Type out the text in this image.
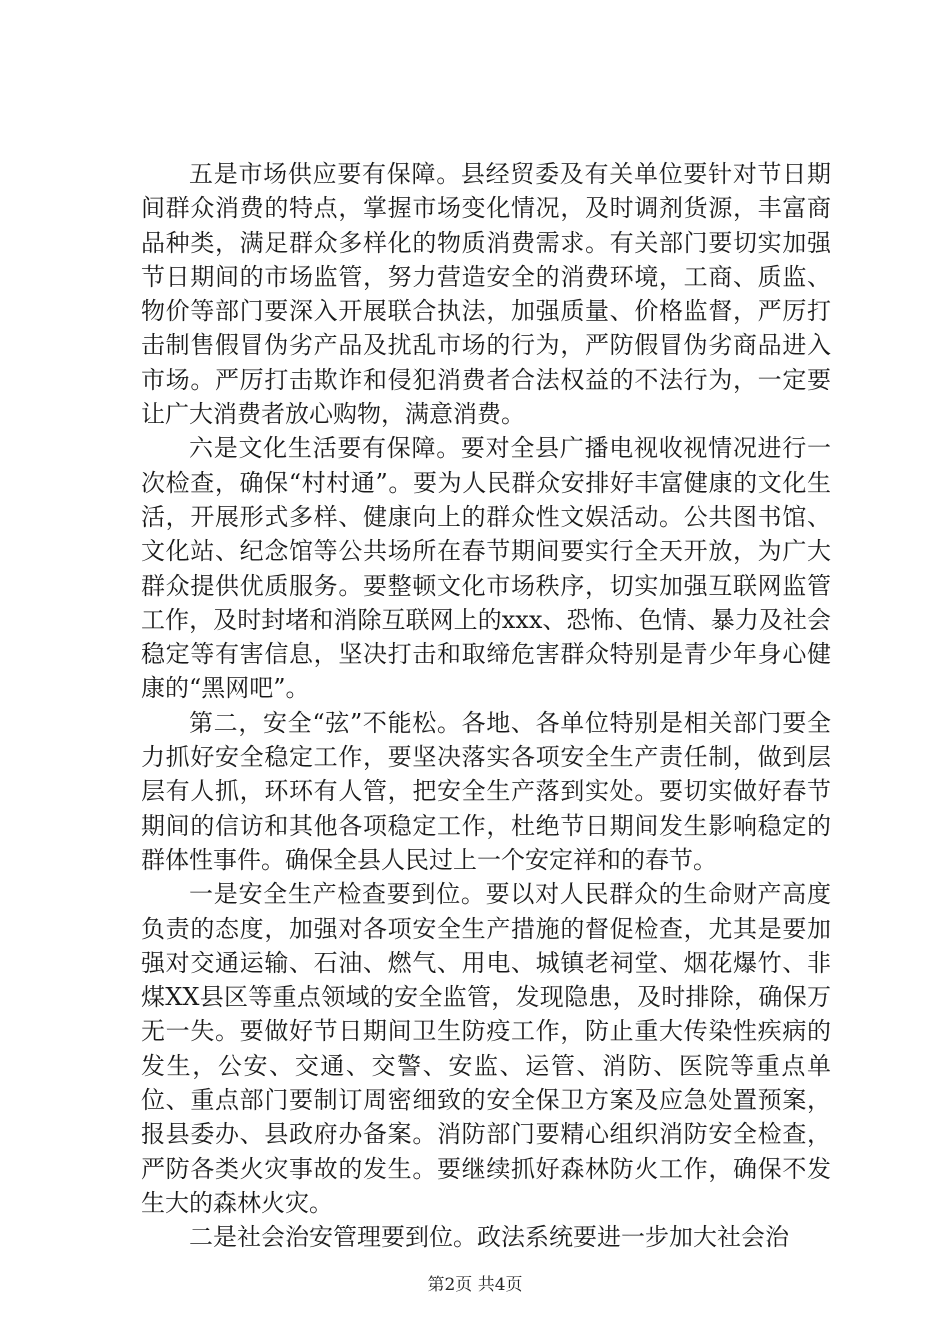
五是市场供应要有保障。县经贸委及有关单位要针对节日期间群众消费的特点，掌握市场变化情况，及时调剂货源，丰富商品种类，满足群众多样化的物质消费需求。有关部门要切实加强节日期间的市场监管，努力营造安全的消费环境，工商、质监、物价等部门要深入开展联合执法，加强质量、价格监督，严厉打击制售假冒伪劣产品及扰乱市场的行为，严防假冒伪劣商品进入市场。严厉打击欺诈和侵犯消费者合法权益的不法行为，一定要让广大消费者放心购物，满意消费。

六是文化生活要有保障。要对全县广播电视收视情况进行一次检查，确保“村村通”。要为人民群众安排好丰富健康的文化生活，开展形式多样、健康向上的群众性文娱活动。公共图书馆、文化站、纪念馆等公共场所在春节期间要实行全天开放，为广大群众提供优质服务。要整顿文化市场秩序，切实加强互联网监管工作，及时封堵和消除互联网上的xxx、恐怖、色情、暴力及社会稳定等有害信息，坚决打击和取缔危害群众特别是青少年身心健康的“黑网吧”。

第二，安全“弦”不能松。各地、各单位特别是相关部门要全力抓好安全稳定工作，要坚决落实各项安全生产责任制，做到层层有人抓，环环有人管，把安全生产落到实处。要切实做好春节期间的信访和其他各项稳定工作，杜绝节日期间发生影响稳定的群体性事件。确保全县人民过上一个安定祥和的春节。

一是安全生产检查要到位。要以对人民群众的生命财产高度负责的态度，加强对各项安全生产措施的督促检查，尤其是要加强对交通运输、石油、燃气、用电、城镇老祠堂、烟花爆竹、非煤XX县区等重点领域的安全监管，发现隐患，及时排除，确保万无一失。要做好节日期间卫生防疫工作，防止重大传染性疾病的发生，公安、交通、交警、安监、运管、消防、医院等重点单位、重点部门要制订周密细致的安全保卫方案及应急处置预案，报县委办、县政府办备案。消防部门要精心组织消防安全检查，严防各类火灾事故的发生。要继续抓好森林防火工作，确保不发生大的森林火灾。

二是社会治安管理要到位。政法系统要进一步加大社会治

第2页 共4页
